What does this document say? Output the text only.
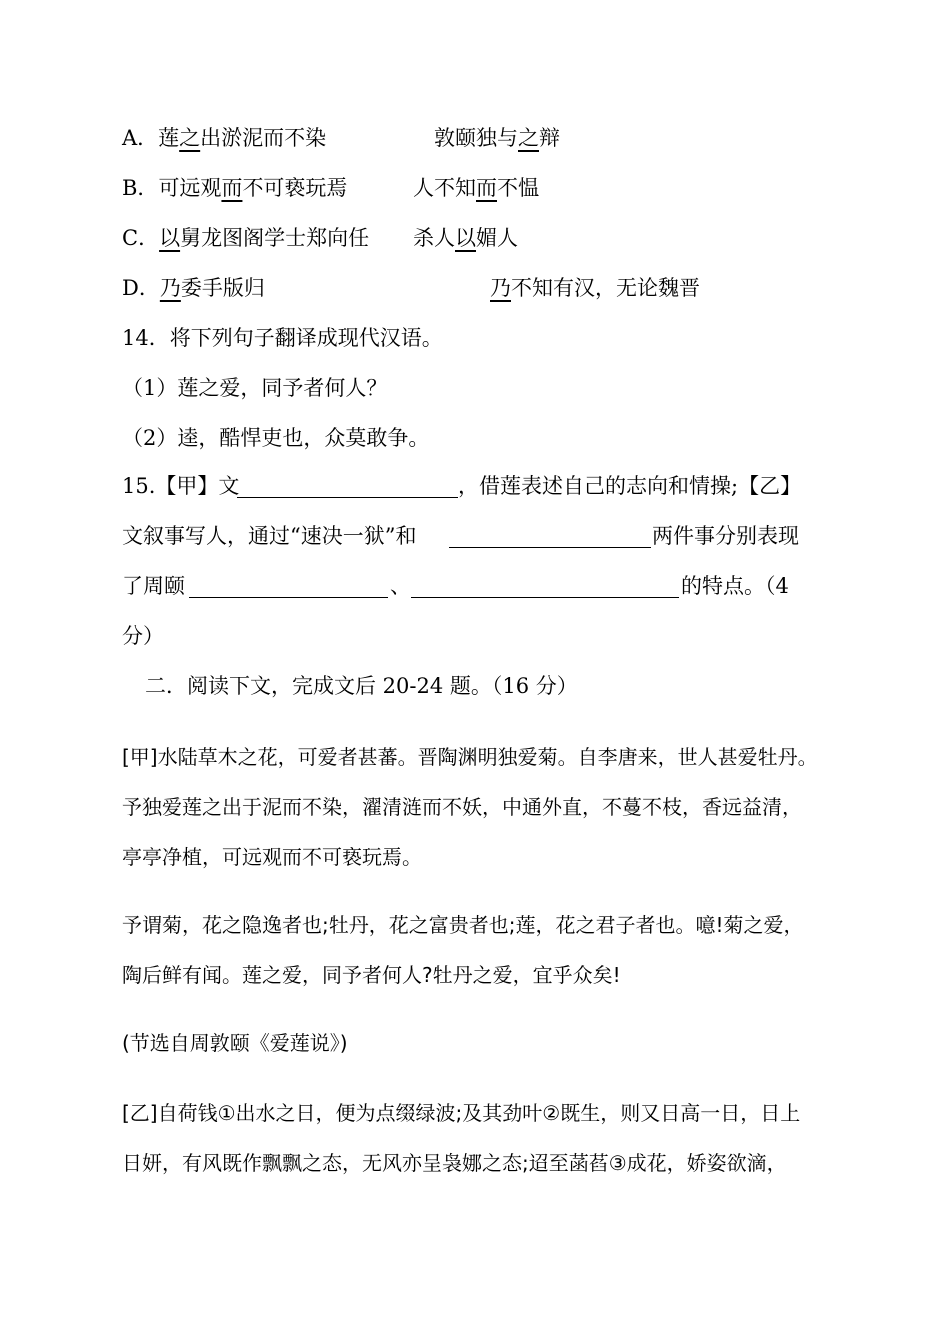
A．莲之出淤泥而不染	敦颐独与之辩
B．可远观而不可亵玩焉	人不知而不愠
C．以舅龙图阁学士郑向任 杀人以媚人
D．乃委手版归	乃不知有汉，无论魏晋
14．将下列句子翻译成现代汉语。
（1）莲之爱，同予者何人？
（2）逵，酷悍吏也，众莫敢争。
15.【甲】文	，借莲表述自己的志向和情操;【乙】
文叙事写人，通过“速决一狱”和	两件事分别表现
了周颐	、	的特点。（4
分）
二．阅读下文，完成文后 20-24 题。（16 分）
[甲]水陆草木之花，可爱者甚蕃。晋陶渊明独爱菊。自李唐来，世人甚爱牡丹。
予独爱莲之出于泥而不染，濯清涟而不妖，中通外直，不蔓不枝，香远益清，
亭亭净植，可远观而不可亵玩焉。
予谓菊，花之隐逸者也;牡丹，花之富贵者也;莲，花之君子者也。噫!菊之爱，
陶后鲜有闻。莲之爱，同予者何人?牡丹之爱，宜乎众矣!
(节选自周敦颐《爱莲说》)
[乙]自荷钱①出水之日，便为点缀绿波;及其劲叶②既生，则又日高一日，日上
日妍，有风既作飘飘之态，无风亦呈袅娜之态;迢至菡萏③成花，娇姿欲滴，
